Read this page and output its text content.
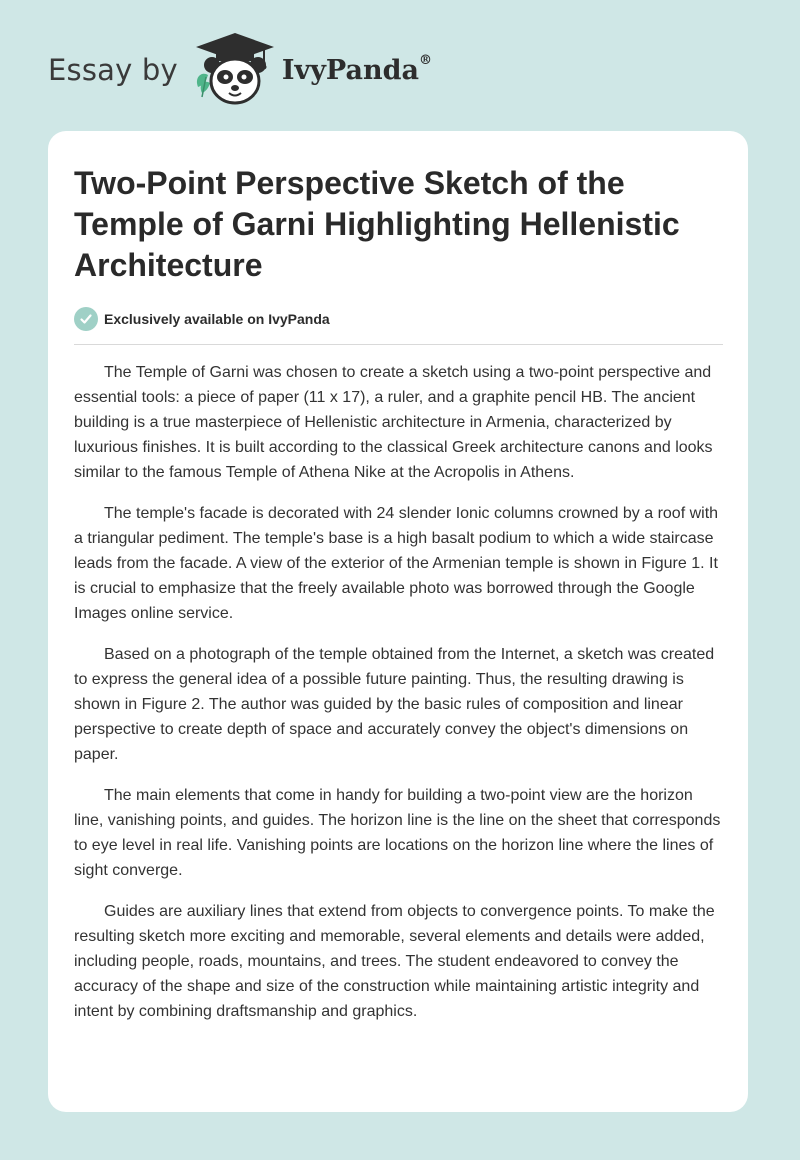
Essay by	IvyPanda®
Two-Point Perspective Sketch of the Temple of Garni Highlighting Hellenistic Architecture
Exclusively available on IvyPanda

The Temple of Garni was chosen to create a sketch using a two-point perspective and essential tools: a piece of paper (11 x 17), a ruler, and a graphite pencil HB. The ancient building is a true masterpiece of Hellenistic architecture in Armenia, characterized by luxurious finishes. It is built according to the classical Greek architecture canons and looks similar to the famous Temple of Athena Nike at the Acropolis in Athens.

The temple's facade is decorated with 24 slender Ionic columns crowned by a roof with a triangular pediment. The temple's base is a high basalt podium to which a wide staircase leads from the facade. A view of the exterior of the Armenian temple is shown in Figure 1. It is crucial to emphasize that the freely available photo was borrowed through the Google Images online service.

Based on a photograph of the temple obtained from the Internet, a sketch was created to express the general idea of a possible future painting. Thus, the resulting drawing is shown in Figure 2. The author was guided by the basic rules of composition and linear perspective to create depth of space and accurately convey the object's dimensions on paper.

The main elements that come in handy for building a two-point view are the horizon line, vanishing points, and guides. The horizon line is the line on the sheet that corresponds to eye level in real life. Vanishing points are locations on the horizon line where the lines of sight converge.

Guides are auxiliary lines that extend from objects to convergence points. To make the resulting sketch more exciting and memorable, several elements and details were added, including people, roads, mountains, and trees. The student endeavored to convey the accuracy of the shape and size of the construction while maintaining artistic integrity and intent by combining draftsmanship and graphics.
